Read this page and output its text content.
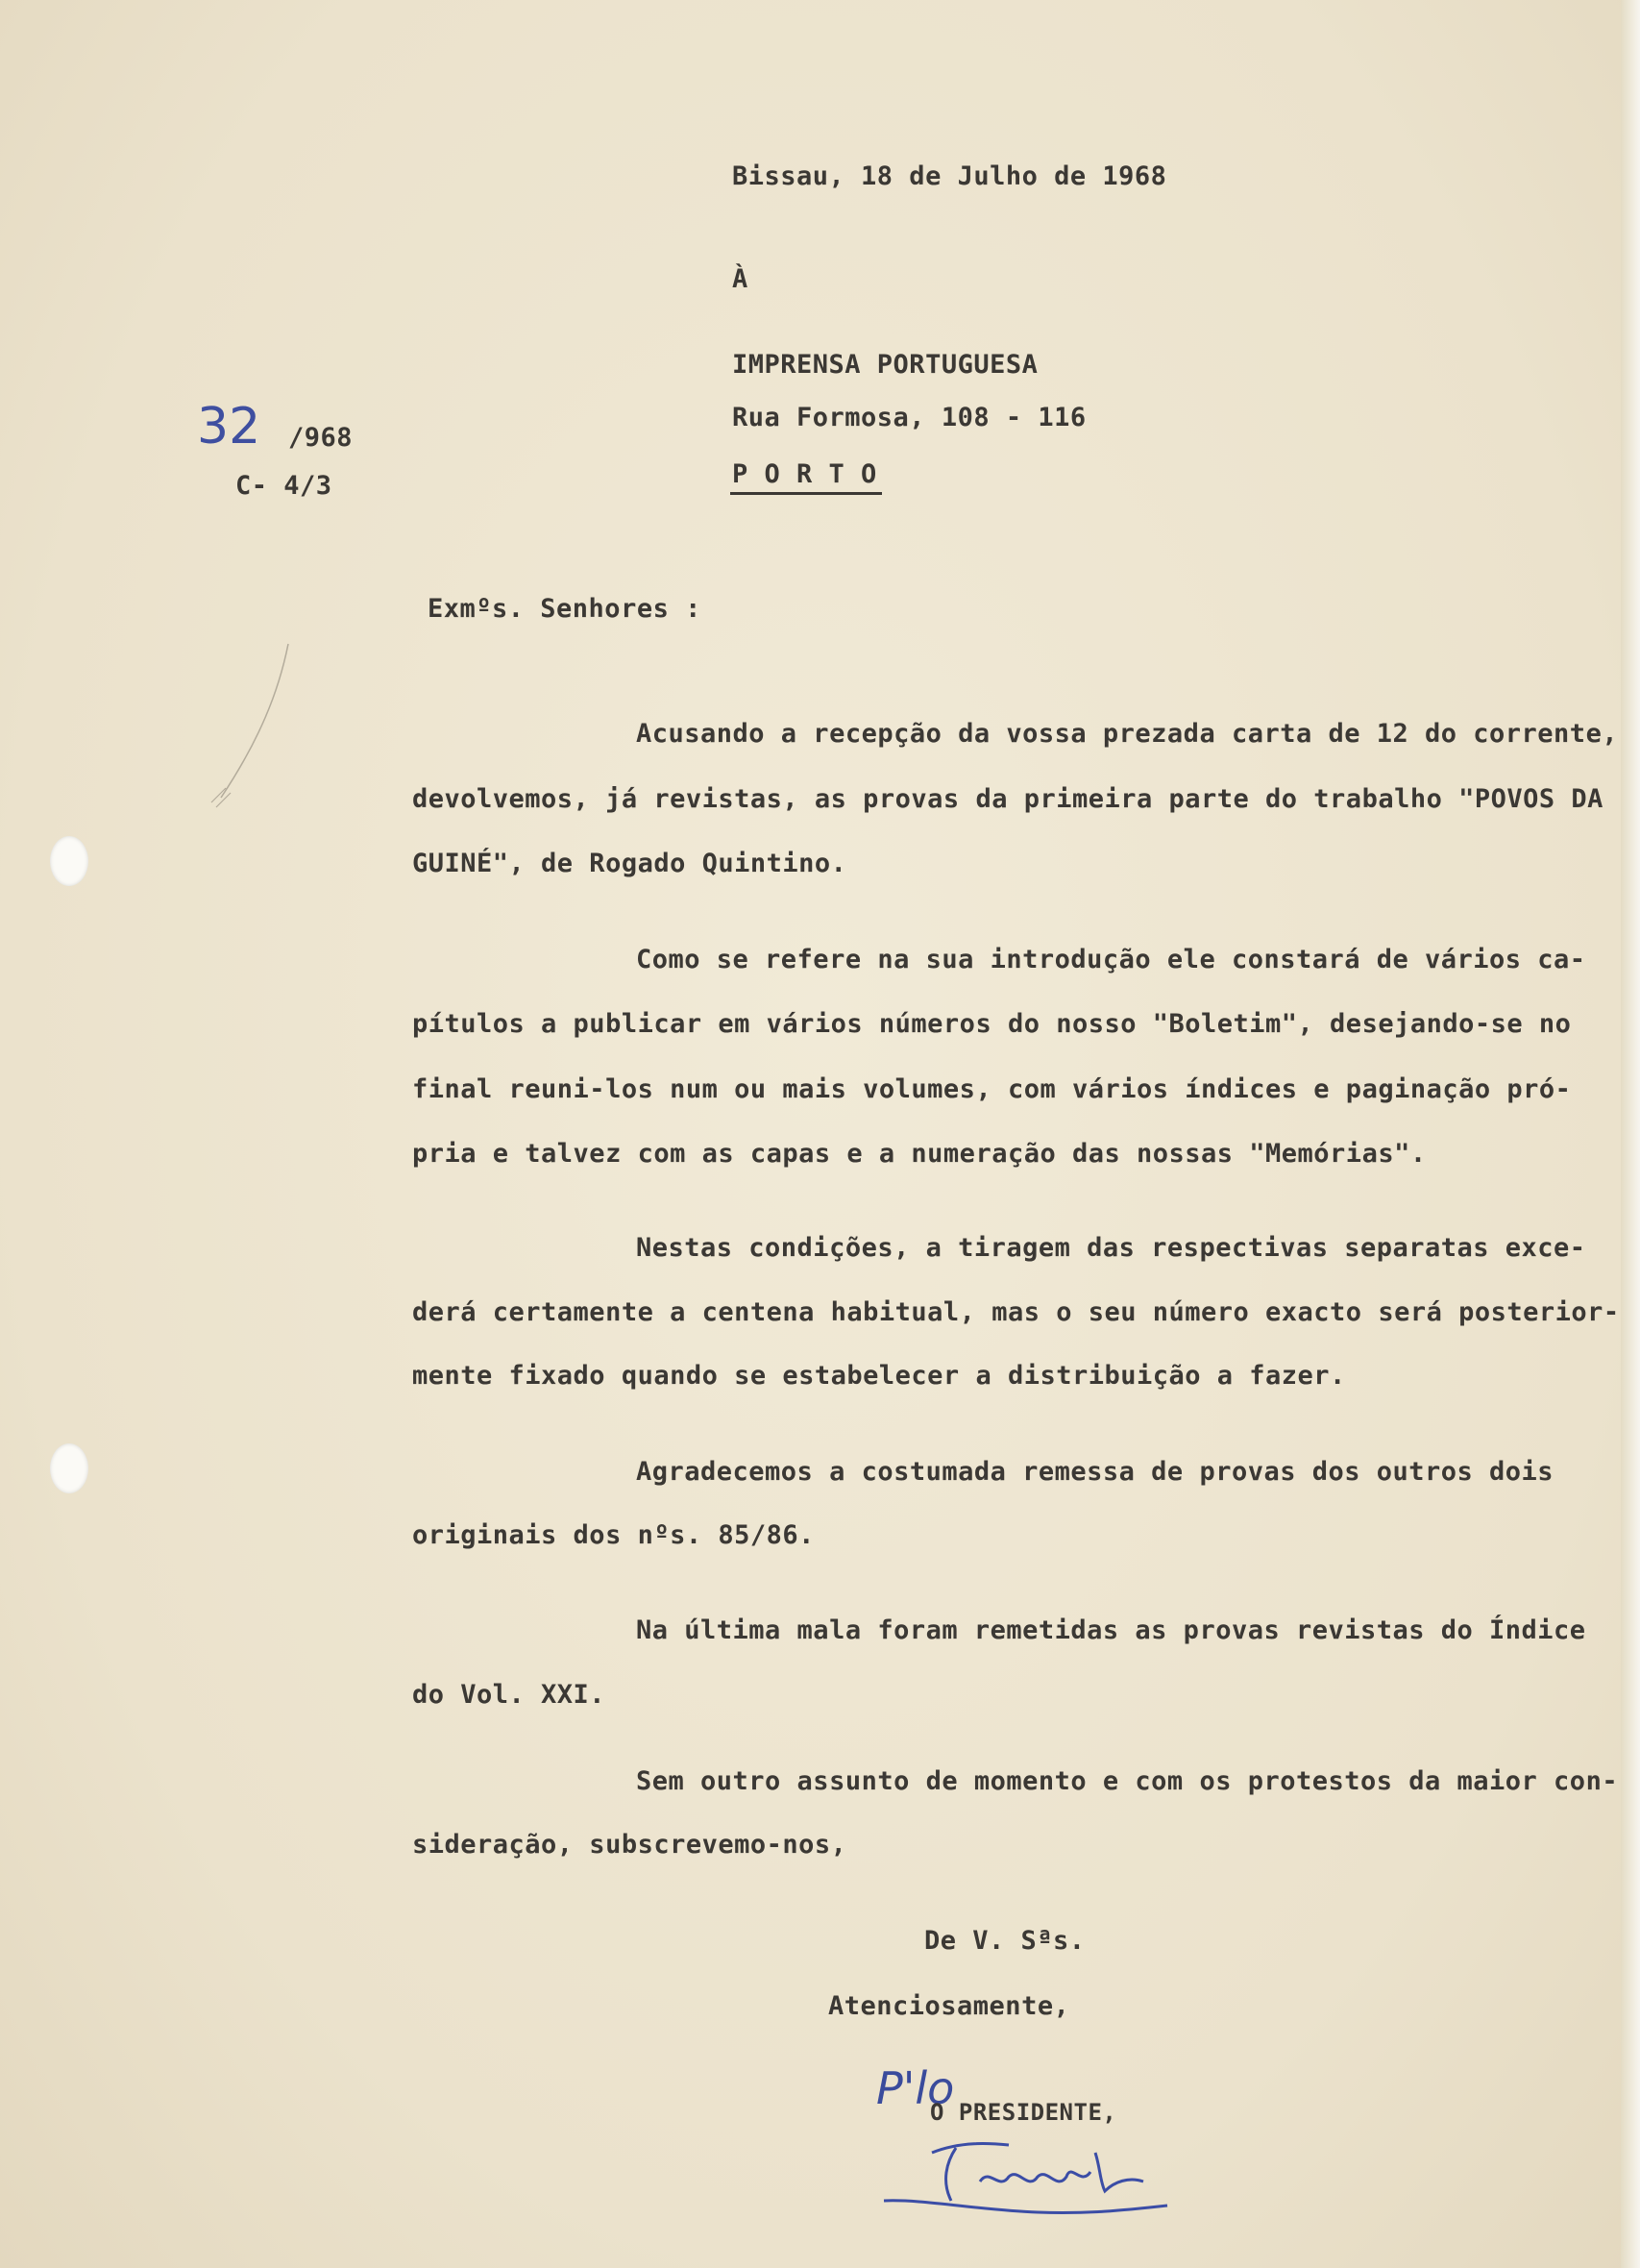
Bissau, 18 de Julho de 1968
À
IMPRENSA PORTUGUESA
Rua Formosa, 108 - 116
P O R T O
32 /968
C- 4/3
Exmºs. Senhores :
Acusando a recepção da vossa prezada carta de 12 do corrente,
devolvemos, já revistas, as provas da primeira parte do trabalho "POVOS DA
GUINÉ", de Rogado Quintino.
Como se refere na sua introdução ele constará de vários ca-
pítulos a publicar em vários números do nosso "Boletim", desejando-se no
final reuni-los num ou mais volumes, com vários índices e paginação pró-
pria e talvez com as capas e a numeração das nossas "Memórias".
Nestas condições, a tiragem das respectivas separatas exce-
derá certamente a centena habitual, mas o seu número exacto será posterior-
mente fixado quando se estabelecer a distribuição a fazer.
Agradecemos a costumada remessa de provas dos outros dois
originais dos nºs. 85/86.
Na última mala foram remetidas as provas revistas do Índice
do Vol. XXI.
Sem outro assunto de momento e com os protestos da maior con-
sideração, subscrevemo-nos,
De V. Sªs.
Atenciosamente,
P'lo
O PRESIDENTE,
